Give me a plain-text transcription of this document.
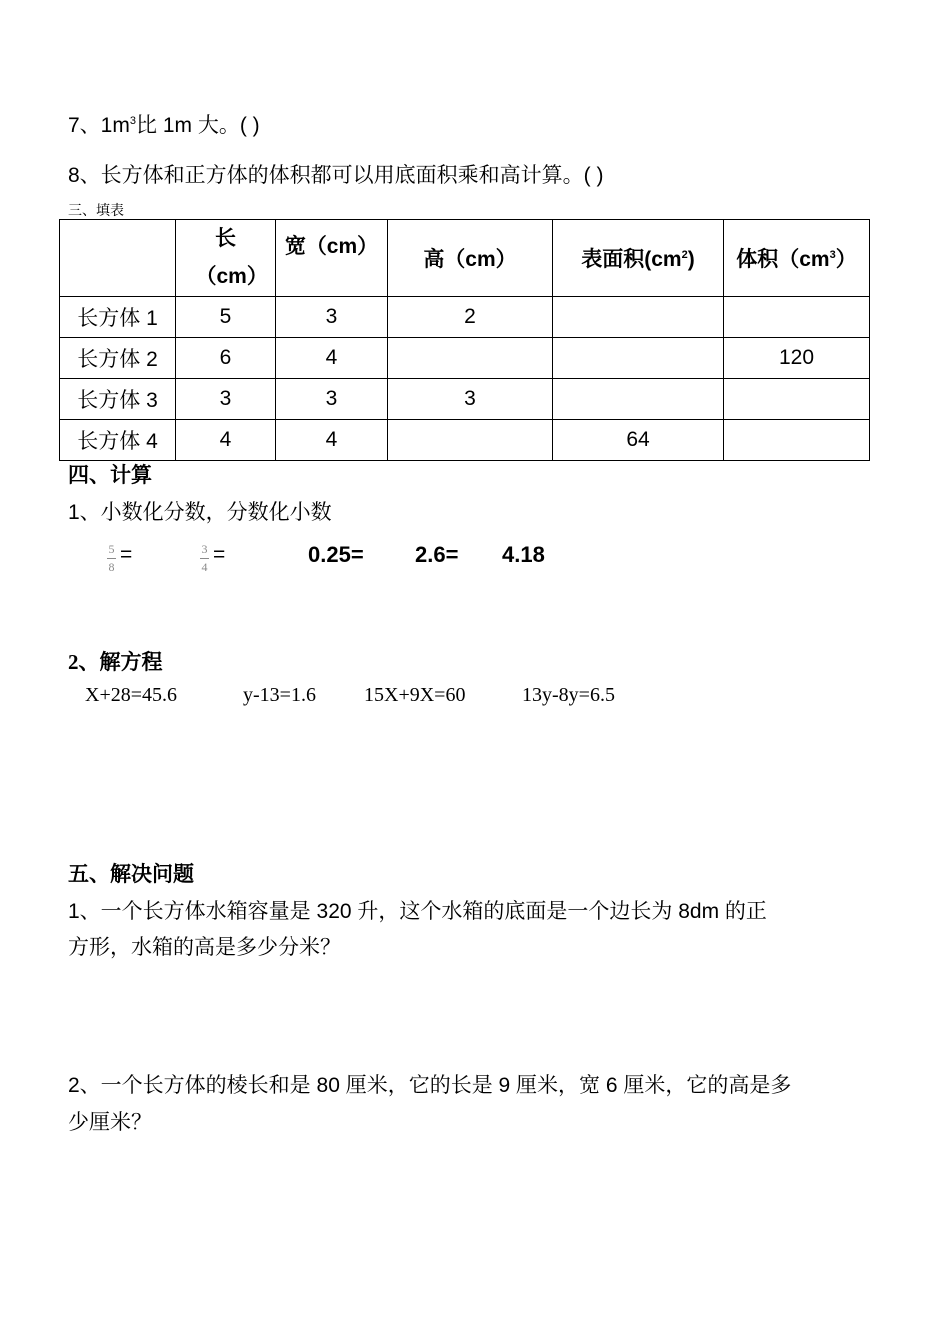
7、$1m^3$比 1m 大。( )
8、长方体和正方体的体积都可以用底面积乘和高计算。( )
三、填表
	长（cm）	宽（cm）	高（cm）	表面积$(cm^2)$	体积$(cm^3)$
长方体 1	5	3	2		
长方体 2	6	4			120
长方体 3	3	3	3		
长方体 4	4	4		64	
四、计算
1、小数化分数，分数化小数
5
8
=	3
4
=	0.25= 2.6= 4.18
2、解方程
X+28=45.6	y-13=1.6 15X+9X=60	13y-8y=6.5
五、解决问题
1、一个长方体水箱容量是 320 升，这个水箱的底面是一个边长为 8dm 的正
方形，水箱的高是多少分米？
2、一个长方体的棱长和是 80 厘米，它的长是 9 厘米，宽 6 厘米，它的高是多
少厘米？
